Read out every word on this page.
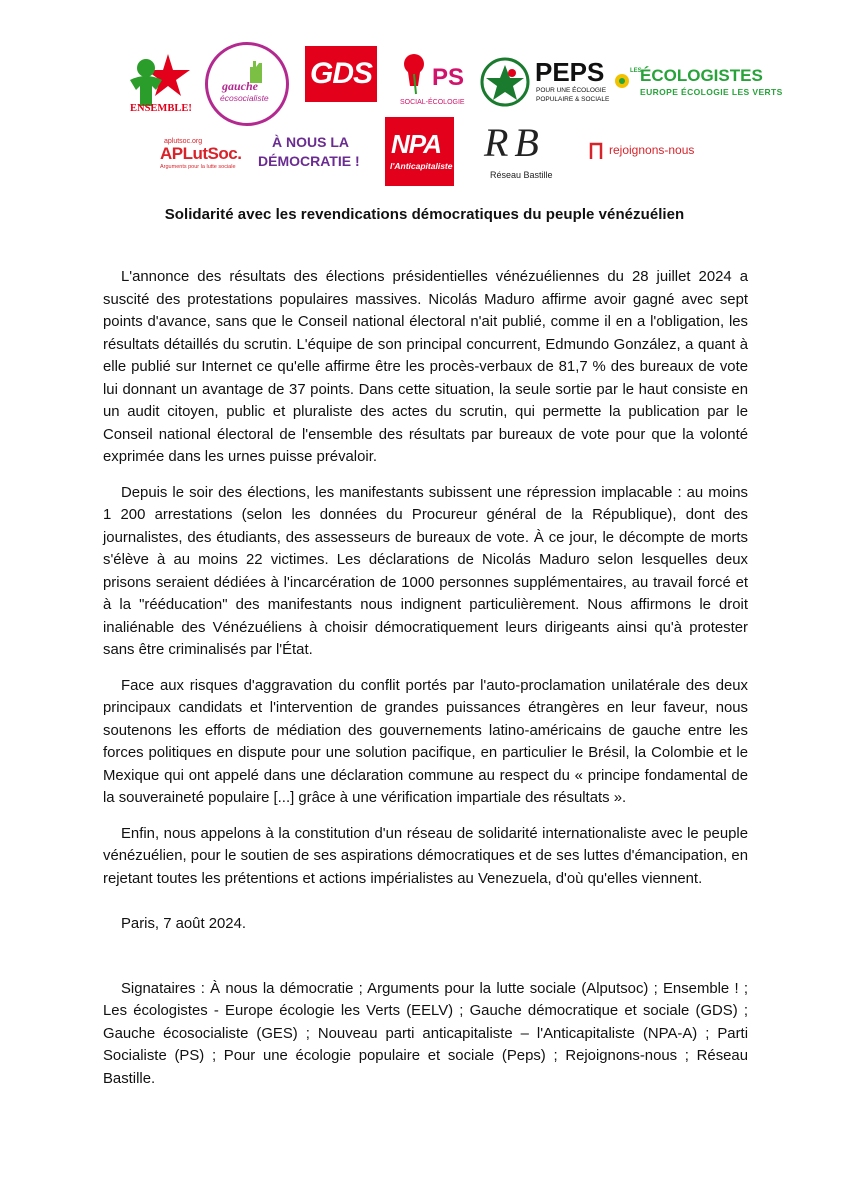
ENSEMBLE!
gauche
écosocialiste
GDS	PS
SOCIAL-ÉCOLOGIE
PEPS
POUR UNE ÉCOLOGIE
POPULAIRE & SOCIALE
LES
ÉCOLOGISTES
EUROPE ÉCOLOGIE LES VERTS
aplutsoc.org
APLutSoc.
Arguments pour la lutte sociale
À NOUS LA
DÉMOCRATIE !
NPA
l'Anticapitaliste
RB
Réseau Bastille
rejoignons-nous
Solidarité avec les revendications démocratiques du peuple vénézuélien

L'annonce des résultats des élections présidentielles vénézuéliennes du 28 juillet 2024 a suscité des protestations populaires massives. Nicolás Maduro affirme avoir gagné avec sept points d'avance, sans que le Conseil national électoral n'ait publié, comme il en a l'obligation, les résultats détaillés du scrutin. L'équipe de son principal concurrent, Edmundo González, a quant à elle publié sur Internet ce qu'elle affirme être les procès-verbaux de 81,7 % des bureaux de vote lui donnant un avantage de 37 points. Dans cette situation, la seule sortie par le haut consiste en un audit citoyen, public et pluraliste des actes du scrutin, qui permette la publication par le Conseil national électoral de l'ensemble des résultats par bureaux de vote pour que la volonté exprimée dans les urnes puisse prévaloir.

Depuis le soir des élections, les manifestants subissent une répression implacable : au moins 1 200 arrestations (selon les données du Procureur général de la République), dont des journalistes, des étudiants, des assesseurs de bureaux de vote. À ce jour, le décompte de morts s'élève à au moins 22 victimes. Les déclarations de Nicolás Maduro selon lesquelles deux prisons seraient dédiées à l'incarcération de 1000 personnes supplémentaires, au travail forcé et à la "rééducation" des manifestants nous indignent particulièrement. Nous affirmons le droit inaliénable des Vénézuéliens à choisir démocratiquement leurs dirigeants ainsi qu'à protester sans être criminalisés par l'État.

Face aux risques d'aggravation du conflit portés par l'auto-proclamation unilatérale des deux principaux candidats et l'intervention de grandes puissances étrangères en leur faveur, nous soutenons les efforts de médiation des gouvernements latino-américains de gauche entre les forces politiques en dispute pour une solution pacifique, en particulier le Brésil, la Colombie et le Mexique qui ont appelé dans une déclaration commune au respect du « principe fondamental de la souveraineté populaire [...] grâce à une vérification impartiale des résultats ».

Enfin, nous appelons à la constitution d'un réseau de solidarité internationaliste avec le peuple vénézuélien, pour le soutien de ses aspirations démocratiques et de ses luttes d'émancipation, en rejetant toutes les prétentions et actions impérialistes au Venezuela, d'où qu'elles viennent.

Paris, 7 août 2024.

Signataires : À nous la démocratie ; Arguments pour la lutte sociale (Alputsoc) ; Ensemble ! ; Les écologistes - Europe écologie les Verts (EELV) ; Gauche démocratique et sociale (GDS) ; Gauche écosocialiste (GES) ; Nouveau parti anticapitaliste – l'Anticapitaliste (NPA-A) ; Parti Socialiste (PS) ; Pour une écologie populaire et sociale (Peps) ; Rejoignons-nous ; Réseau Bastille.
